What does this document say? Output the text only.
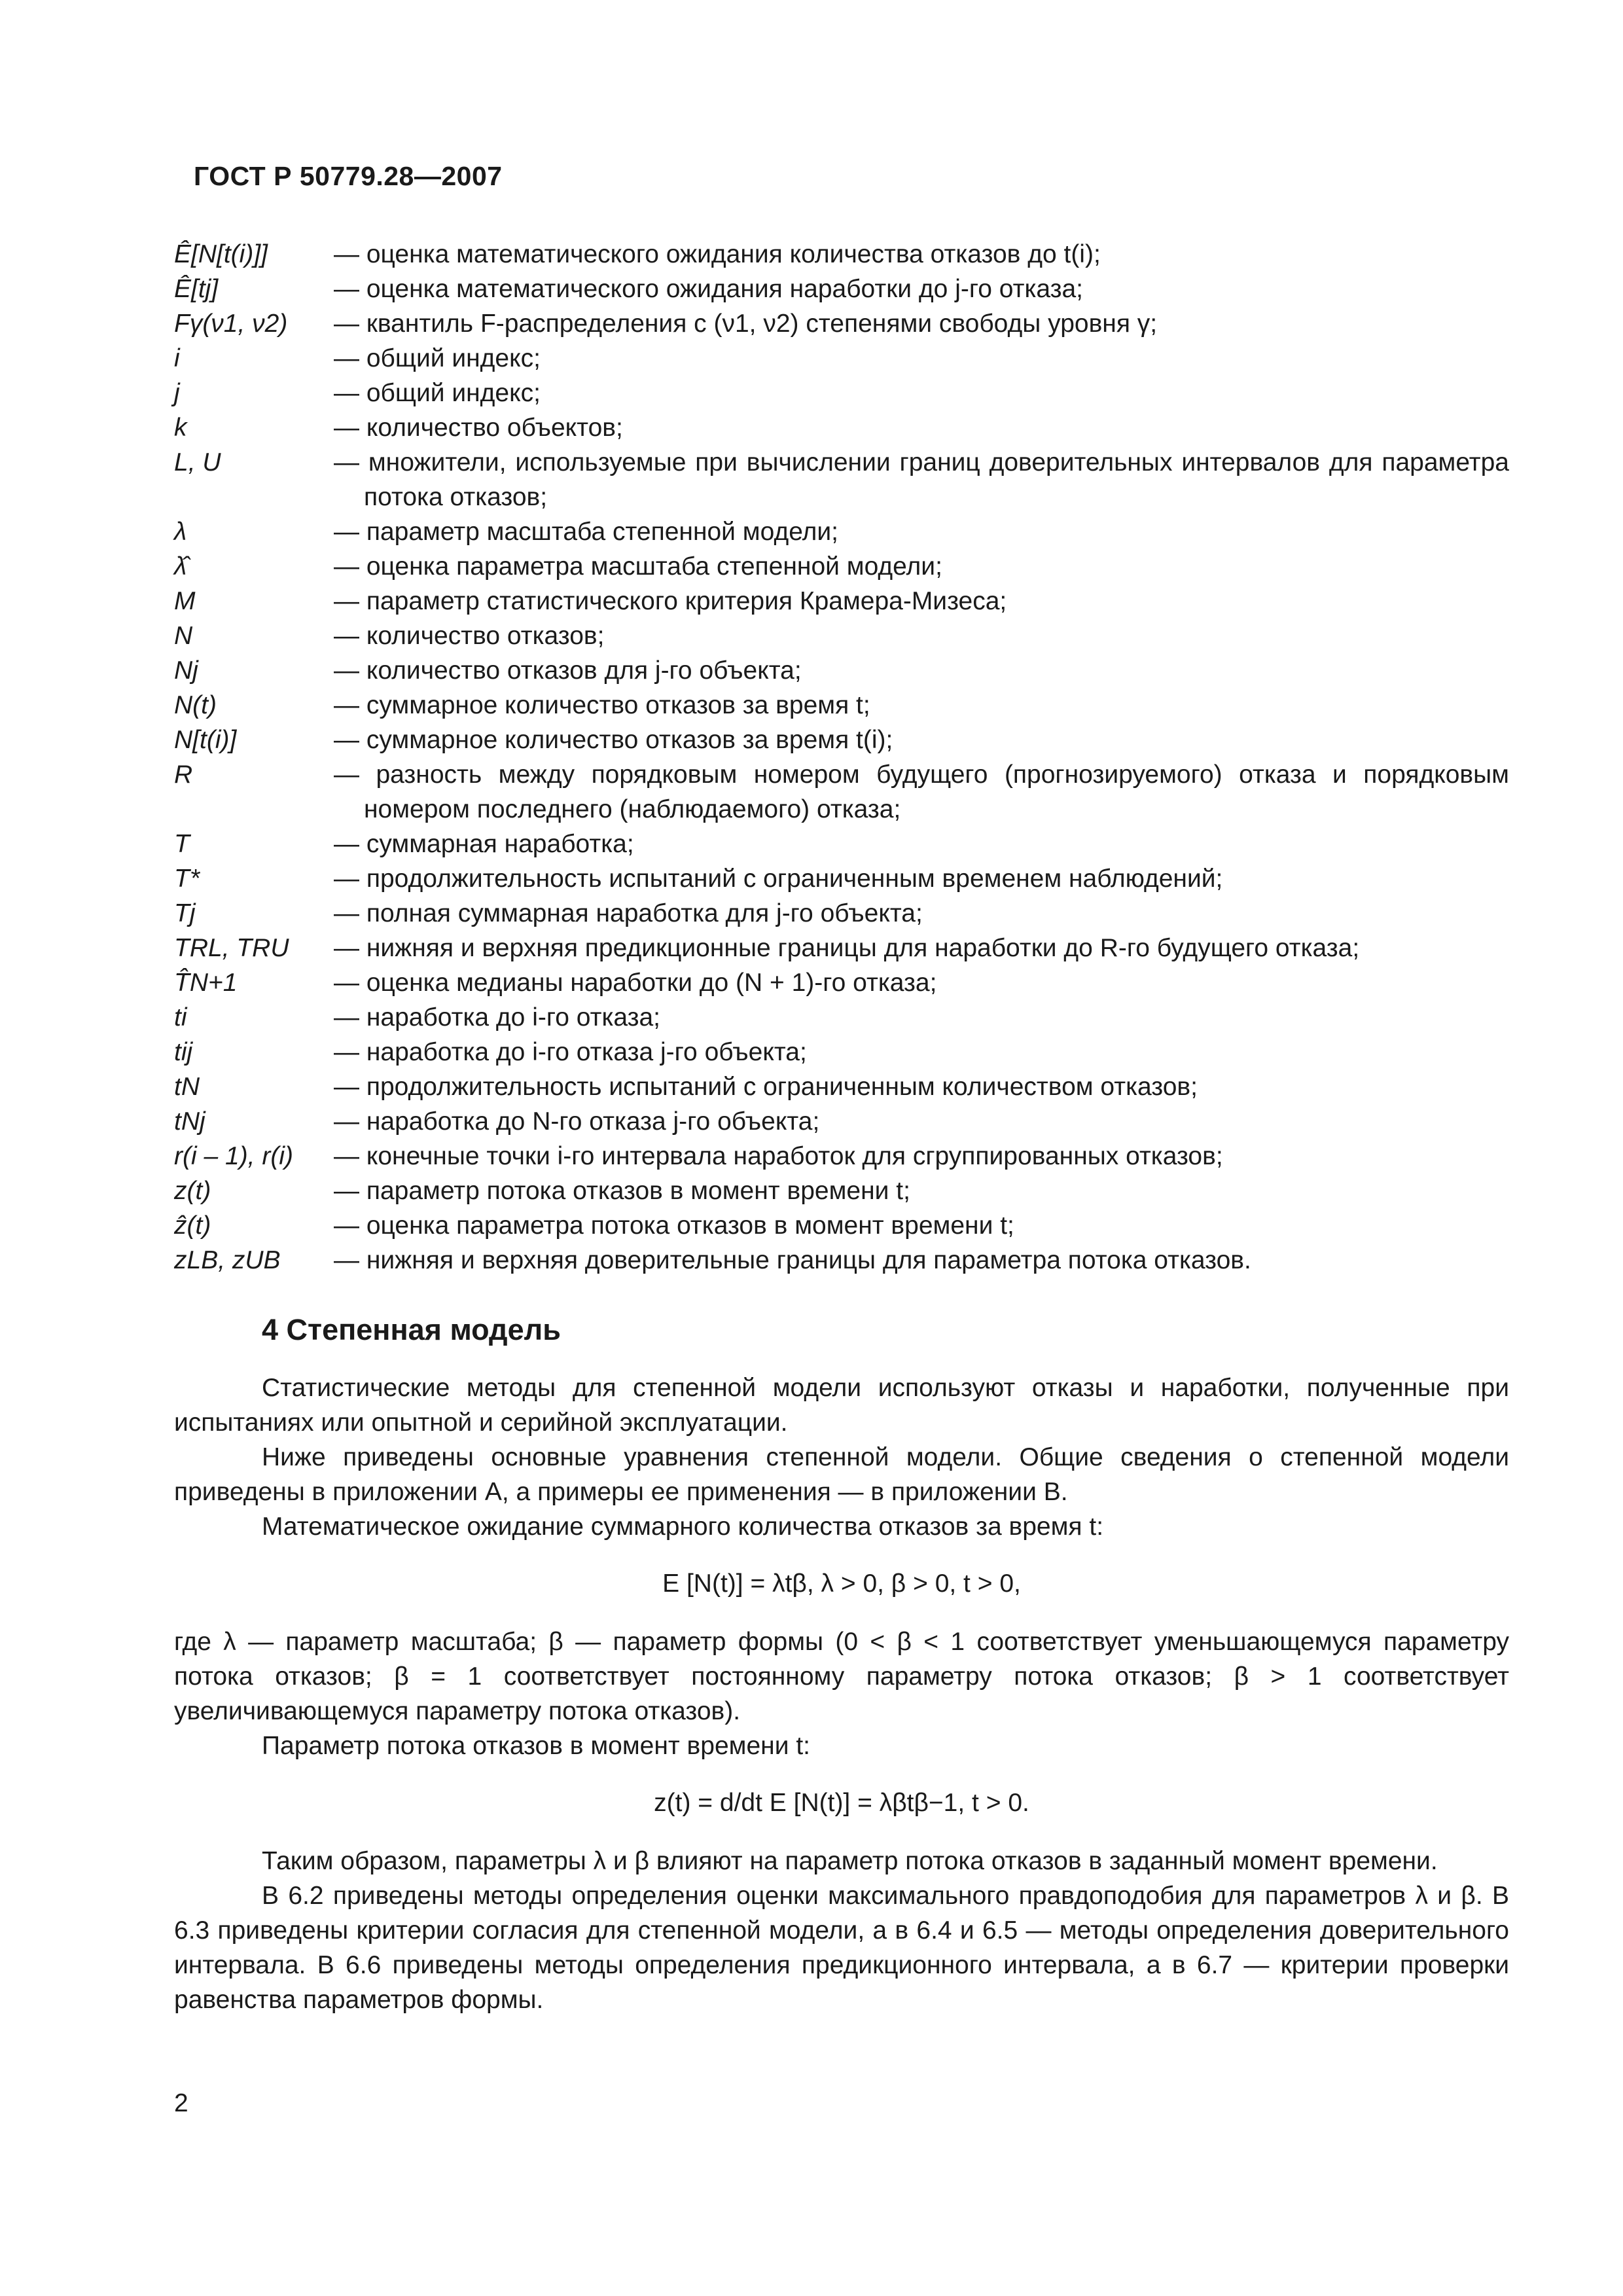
ГОСТ Р 50779.28—2007
Ê[N[t(i)]]	— оценка математического ожидания количества отказов до t(i);
Ê[tj]	— оценка математического ожидания наработки до j-го отказа;
Fγ(ν1, ν2)	— квантиль F-распределения с (ν1, ν2) степенями свободы уровня γ;
i	— общий индекс;
j	— общий индекс;
k	— количество объектов;
L, U	— множители, используемые при вычислении границ доверительных интервалов для параметра потока отказов;
λ	— параметр масштаба степенной модели;
λ̂	— оценка параметра масштаба степенной модели;
M	— параметр статистического критерия Крамера-Мизеса;
N	— количество отказов;
Nj	— количество отказов для j-го объекта;
N(t)	— суммарное количество отказов за время t;
N[t(i)]	— суммарное количество отказов за время t(i);
R	— разность между порядковым номером будущего (прогнозируемого) отказа и порядковым номером последнего (наблюдаемого) отказа;
T	— суммарная наработка;
T*	— продолжительность испытаний с ограниченным временем наблюдений;
Tj	— полная суммарная наработка для j-го объекта;
TRL, TRU	— нижняя и верхняя предикционные границы для наработки до R-го будущего отказа;
T̂N+1	— оценка медианы наработки до (N + 1)-го отказа;
ti	— наработка до i-го отказа;
tij	— наработка до i-го отказа j-го объекта;
tN	— продолжительность испытаний с ограниченным количеством отказов;
tNj	— наработка до N-го отказа j-го объекта;
r(i – 1), r(i)	— конечные точки i-го интервала наработок для сгруппированных отказов;
z(t)	— параметр потока отказов в момент времени t;
ẑ(t)	— оценка параметра потока отказов в момент времени t;
zLB, zUB	— нижняя и верхняя доверительные границы для параметра потока отказов.
4 Степенная модель

Статистические методы для степенной модели используют отказы и наработки, полученные при испытаниях или опытной и серийной эксплуатации.

Ниже приведены основные уравнения степенной модели. Общие сведения о степенной модели приведены в приложении А, а примеры ее применения — в приложении В.

Математическое ожидание суммарного количества отказов за время t:

E [N(t)] = λtβ, λ > 0, β > 0, t > 0,

где λ — параметр масштаба; β — параметр формы (0 < β < 1 соответствует уменьшающемуся параметру потока отказов; β = 1 соответствует постоянному параметру потока отказов; β > 1 соответствует увеличивающемуся параметру потока отказов).

Параметр потока отказов в момент времени t:

z(t) = d/dt E [N(t)] = λβtβ−1, t > 0.

Таким образом, параметры λ и β влияют на параметр потока отказов в заданный момент времени.

В 6.2 приведены методы определения оценки максимального правдоподобия для параметров λ и β. В 6.3 приведены критерии согласия для степенной модели, а в 6.4 и 6.5 — методы определения доверительного интервала. В 6.6 приведены методы определения предикционного интервала, а в 6.7 — критерии проверки равенства параметров формы.

2
